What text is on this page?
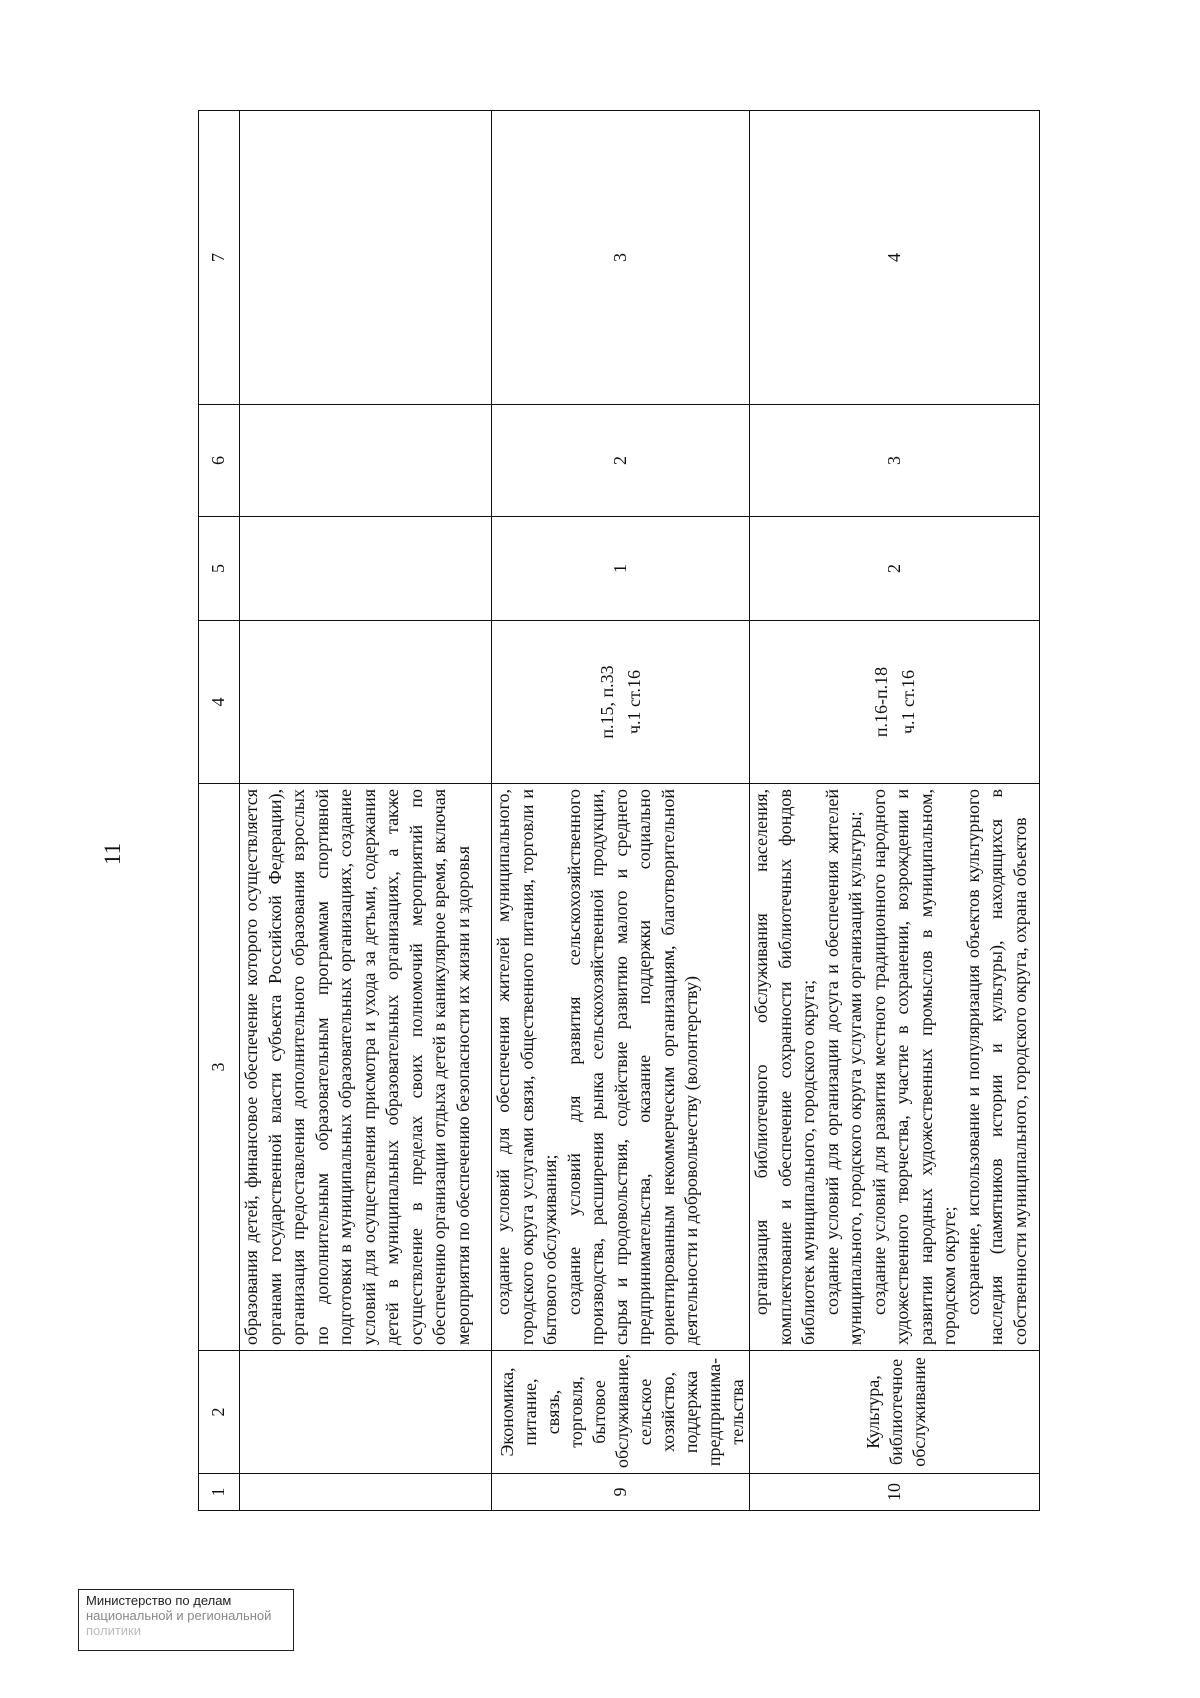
11
1	2	3	4	5	6	7
		образования детей, финансовое обеспечение которого осуществляется органами государственной власти субъекта Российской Федерации), организация предоставления дополнительного образования взрослых по дополнительным образовательным программам спортивной подготовки в муниципальных образовательных организациях, создание условий для осуществления присмотра и ухода за детьми, содержания детей в муниципальных образовательных организациях, а также осуществление в пределах своих полномочий мероприятий по обеспечению организации отдыха детей в каникулярное время, включая мероприятия по обеспечению безопасности их жизни и здоровья				
9	Экономика, питание, связь, торговля, бытовое обслуживание, сельское хозяйство, поддержка предпринима-тельства	создание условий для обеспечения жителей муниципального, городского округа услугами связи, общественного питания, торговли и бытового обслуживания; создание условий для развития сельскохозяйственного производства, расширения рынка сельскохозяйственной продукции, сырья и продовольствия, содействие развитию малого и среднего предпринимательства, оказание поддержки социально ориентированным некоммерческим организациям, благотворительной деятельности и добровольчеству (волонтерству)	п.15, п.33 ч.1 ст.16	1	2	3
10	Культура, библиотечное обслуживание	организация библиотечного обслуживания населения, комплектование и обеспечение сохранности библиотечных фондов библиотек муниципального, городского округа; создание условий для организации досуга и обеспечения жителей муниципального, городского округа услугами организаций культуры; создание условий для развития местного традиционного народного художественного творчества, участие в сохранении, возрождении и развитии народных художественных промыслов в муниципальном, городском округе; сохранение, использование и популяризация объектов культурного наследия (памятников истории и культуры), находящихся в собственности муниципального, городского округа, охрана объектов	п.16-п.18 ч.1 ст.16	2	3	4
Министерство по делам
национальной и региональной
политики
